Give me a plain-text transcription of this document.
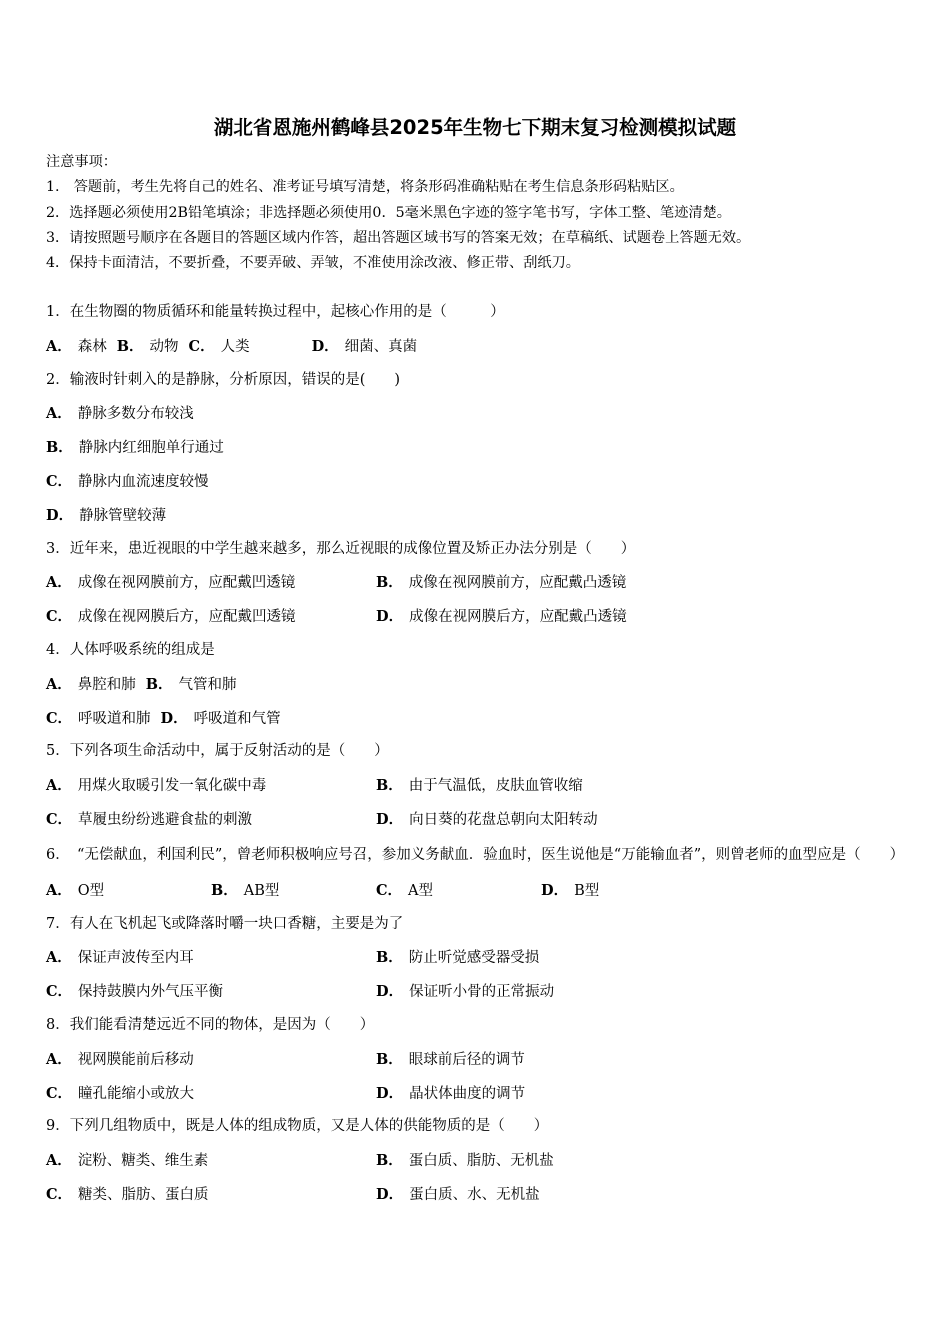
湖北省恩施州鹤峰县2025年生物七下期末复习检测模拟试题
注意事项：
1.　答题前，考生先将自己的姓名、准考证号填写清楚，将条形码准确粘贴在考生信息条形码粘贴区。
2．选择题必须使用2B铅笔填涂；非选择题必须使用0．5毫米黑色字迹的签字笔书写，字体工整、笔迹清楚。
3．请按照题号顺序在各题目的答题区域内作答，超出答题区域书写的答案无效；在草稿纸、试题卷上答题无效。
4．保持卡面清洁，不要折叠，不要弄破、弄皱，不准使用涂改液、修正带、刮纸刀。
1．在生物圈的物质循环和能量转换过程中，起核心作用的是（　　　）
A． 森林 B． 动物 C． 人类	D． 细菌、真菌
2．输液时针刺入的是静脉，分析原因，错误的是(　　)
A． 静脉多数分布较浅
B． 静脉内红细胞单行通过
C． 静脉内血流速度较慢
D． 静脉管壁较薄
3．近年来，患近视眼的中学生越来越多，那么近视眼的成像位置及矫正办法分别是（　　）
A． 成像在视网膜前方，应配戴凹透镜	B． 成像在视网膜前方，应配戴凸透镜
C． 成像在视网膜后方，应配戴凹透镜	D． 成像在视网膜后方，应配戴凸透镜
4．人体呼吸系统的组成是
A． 鼻腔和肺 B． 气管和肺
C． 呼吸道和肺 D． 呼吸道和气管
5．下列各项生命活动中，属于反射活动的是（　　）
A． 用煤火取暖引发一氧化碳中毒	B． 由于气温低，皮肤血管收缩
C． 草履虫纷纷逃避食盐的刺激	D． 向日葵的花盘总朝向太阳转动
6．　“无偿献血，利国利民”，曾老师积极响应号召，参加义务献血．验血时，医生说他是“万能输血者”，则曾老师的血型应是（　　）
A． O型	B． AB型	C． A型	D． B型
7．有人在飞机起飞或降落时嚼一块口香糖，主要是为了
A． 保证声波传至内耳	B． 防止听觉感受器受损
C． 保持鼓膜内外气压平衡	D． 保证听小骨的正常振动
8．我们能看清楚远近不同的物体，是因为（　　）
A． 视网膜能前后移动	B． 眼球前后径的调节
C． 瞳孔能缩小或放大	D． 晶状体曲度的调节
9．下列几组物质中，既是人体的组成物质，又是人体的供能物质的是（　　）
A． 淀粉、糖类、维生素	B． 蛋白质、脂肪、无机盐
C． 糖类、脂肪、蛋白质	D． 蛋白质、水、无机盐
